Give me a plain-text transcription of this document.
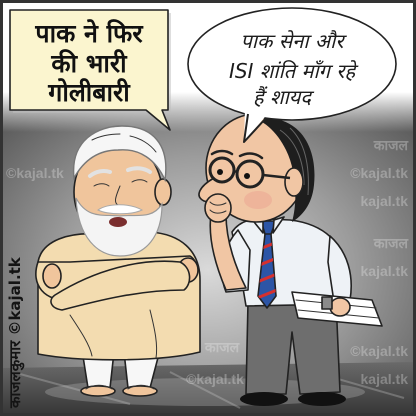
©kajal.tk
काजल
©kajal.tk
kajal.tk
काजल
kajal.tk
©kajal.tk
kajal.tk
©kajal.tk
काजल
पाक ने फिर
की भारी
गोलीबारी
पाक सेना और
ISI शांति माँग रहे
हैं शायद
काजलकुमार ©kajal.tk
